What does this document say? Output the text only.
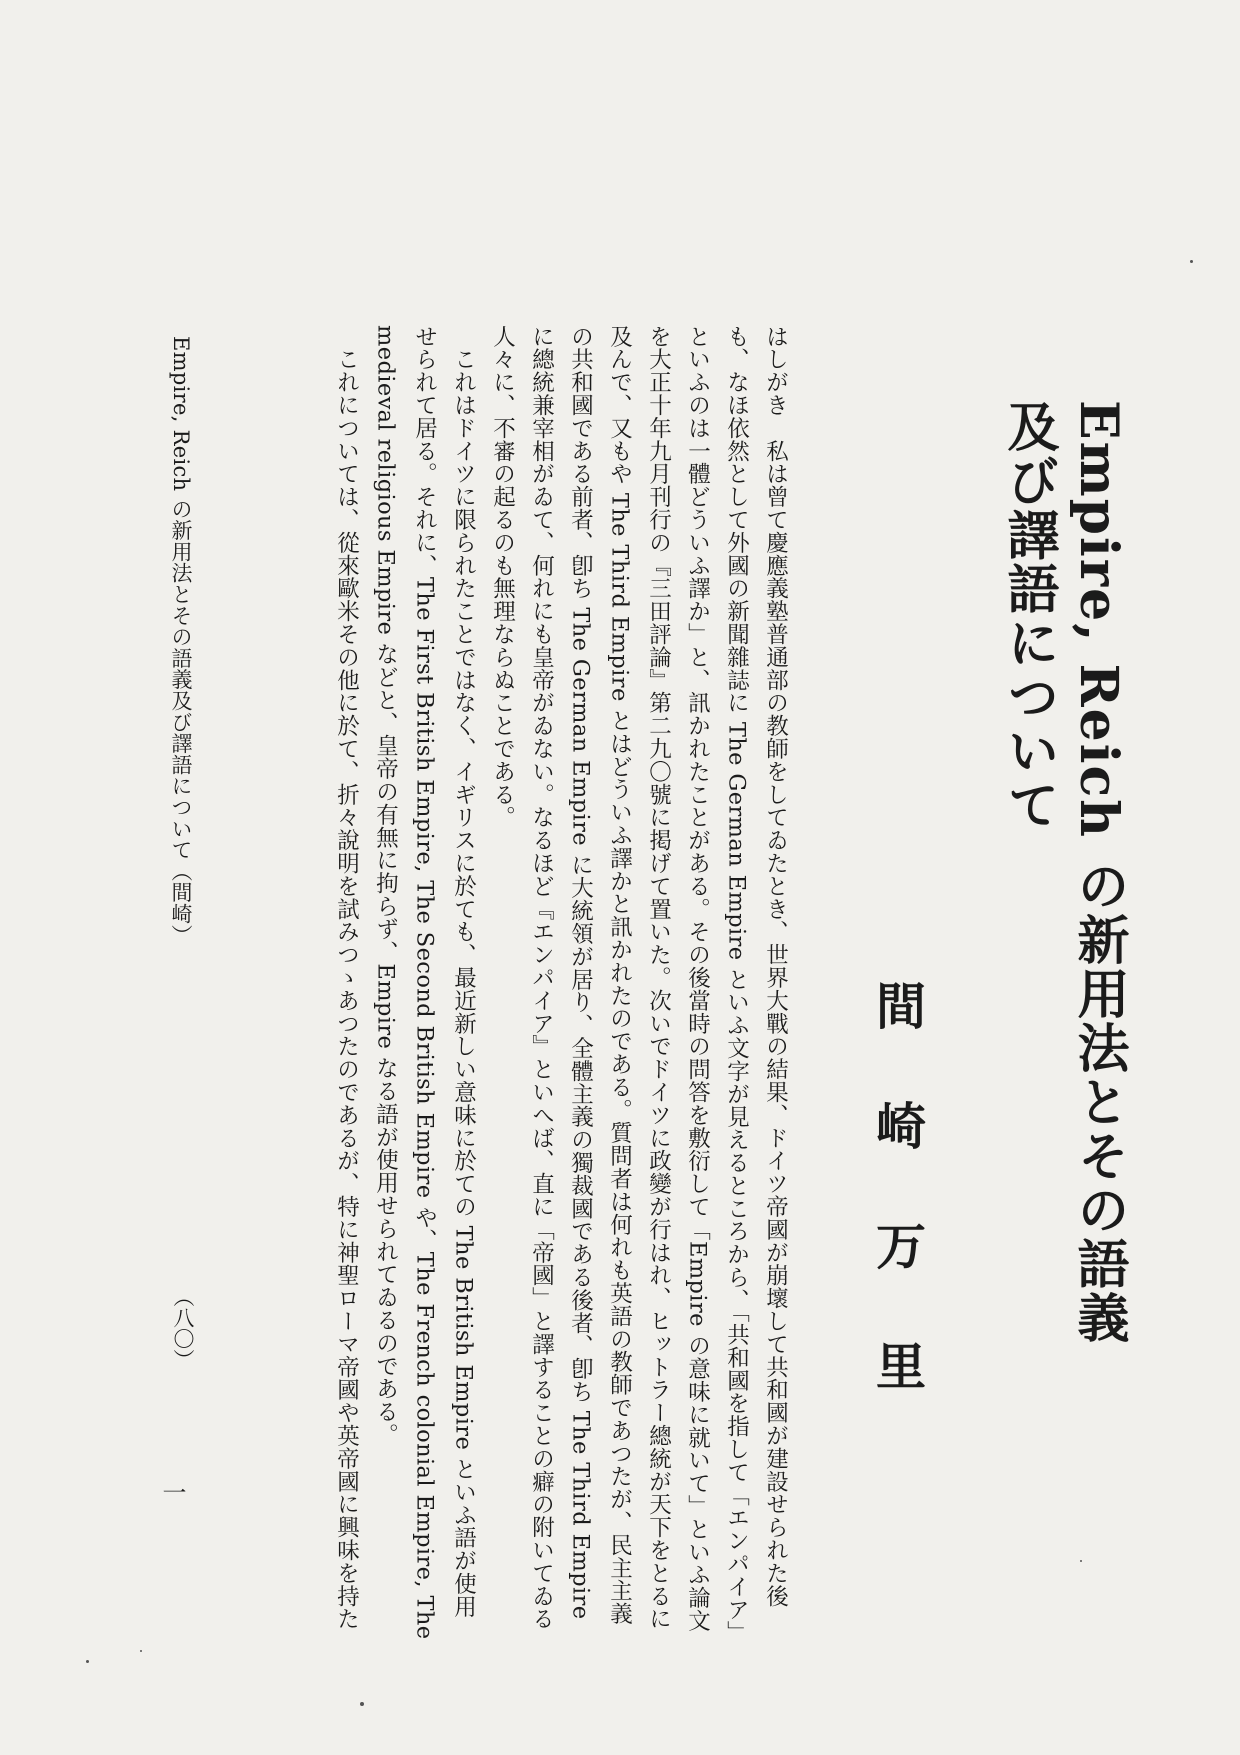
Empire, Reich の新用法とその語義
及び譯語について
間崎万里
はしがき　私は曾て慶應義塾普通部の教師をしてゐたとき、世界大戰の結果、ドイツ帝國が崩壞して共和國が建設せられた後
も、なほ依然として外國の新聞雜誌に The German Empire といふ文字が見えるところから、「共和國を指して「エンパイア」
といふのは一體どういふ譯か」と、訊かれたことがある。その後當時の問答を敷衍して「Empire の意味に就いて」といふ論文
を大正十年九月刊行の『三田評論』第二九〇號に掲げて置いた。次いでドイツに政變が行はれ、ヒットラー總統が天下をとるに
及んで、又もや The Third Empire とはどういふ譯かと訊かれたのである。質問者は何れも英語の教師であつたが、民主主義
の共和國である前者、卽ち The German Empire に大統領が居り、全體主義の獨裁國である後者、卽ち The Third Empire
に總統兼宰相がゐて、何れにも皇帝がゐない。なるほど『エンパイア』といへば、直に「帝國」と譯することの癖の附いてゐる
人々に、不審の起るのも無理ならぬことである。
　これはドイツに限られたことではなく、イギリスに於ても、最近新しい意味に於ての The British Empire といふ語が使用
せられて居る。それに、The First British Empire, The Second British Empire や、The French colonial Empire, The
medieval religious Empire などと、皇帝の有無に拘らず、Empire なる語が使用せられてゐるのである。
　これについては、從來歐米その他に於て、折々說明を試みつゝあつたのであるが、特に神聖ローマ帝國や英帝國に興味を持た
Empire, Reich の新用法とその語義及び譯語について（間崎）
（八〇）
一
